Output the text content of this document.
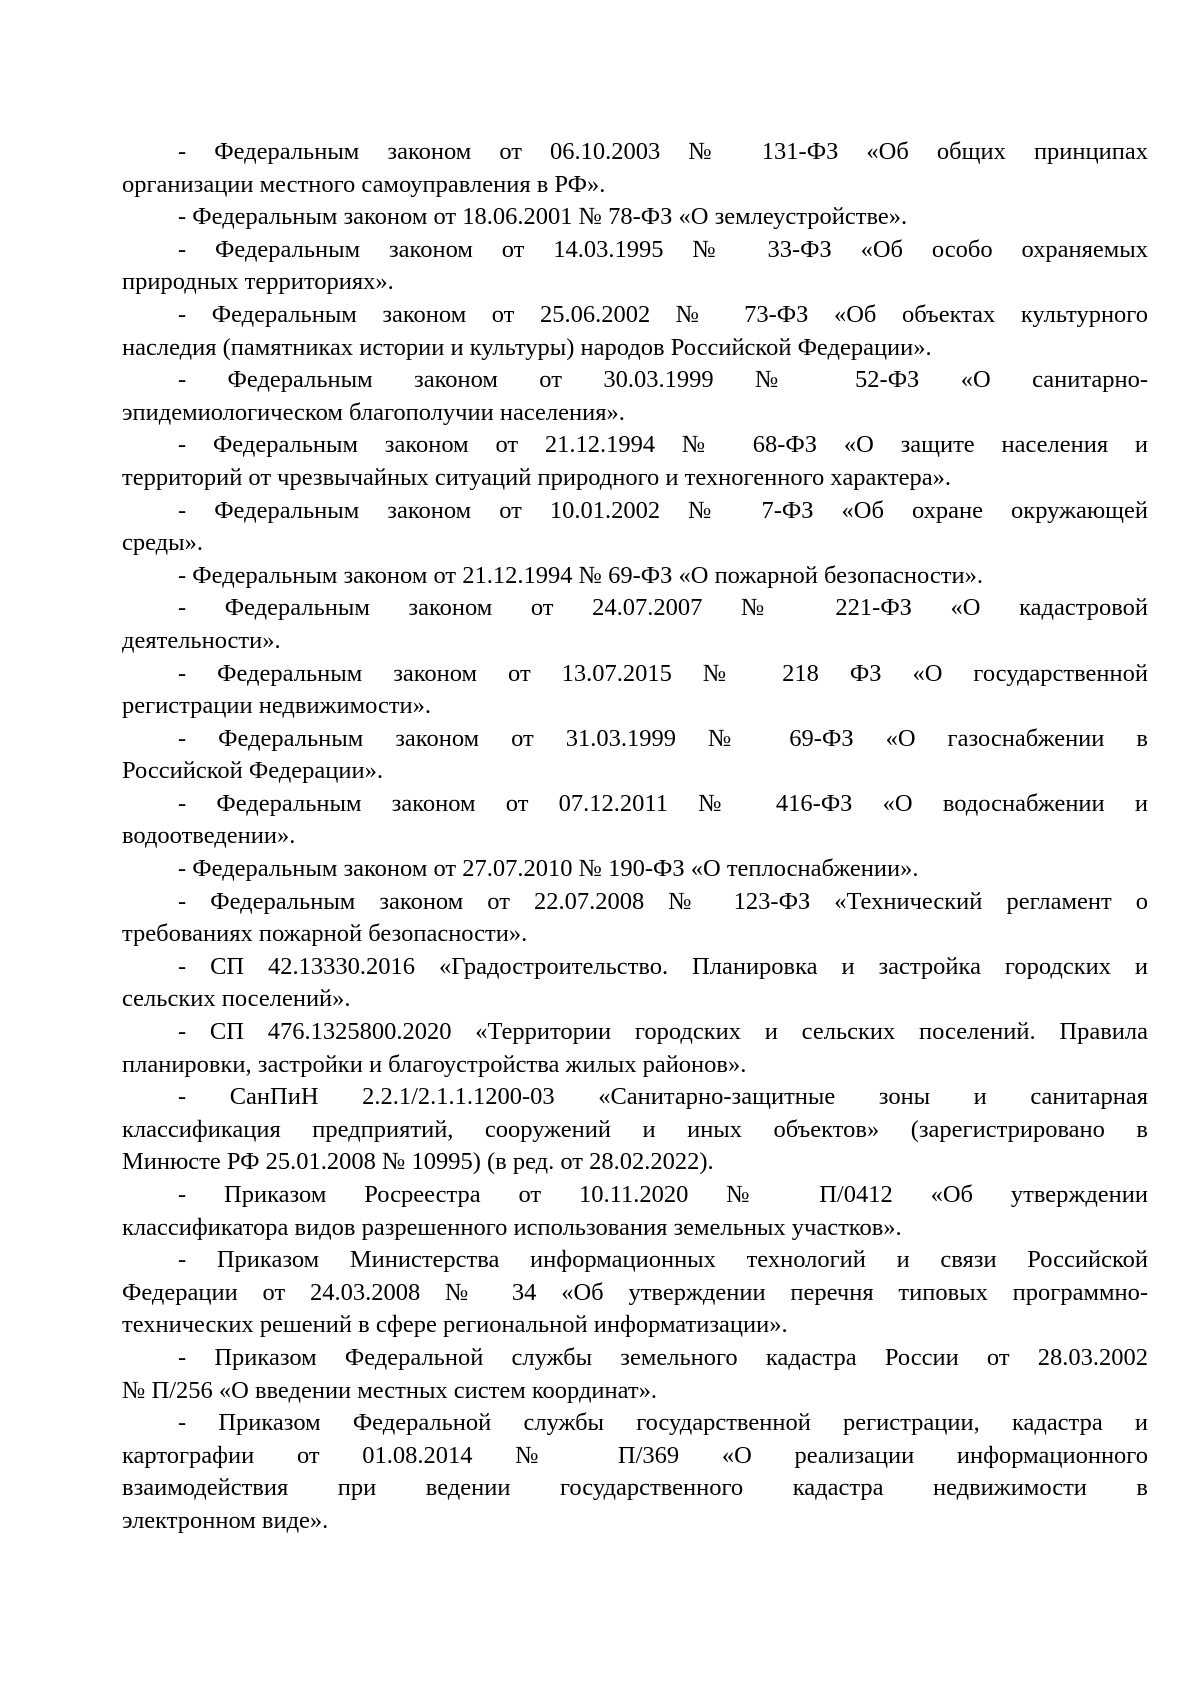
- Федеральным законом от 06.10.2003 № 131-ФЗ «Об общих принципах
организации местного самоуправления в РФ».
- Федеральным законом от 18.06.2001 № 78-ФЗ «О землеустройстве».
- Федеральным законом от 14.03.1995 № 33-ФЗ «Об особо охраняемых
природных территориях».
- Федеральным законом от 25.06.2002 № 73-ФЗ «Об объектах культурного
наследия (памятниках истории и культуры) народов Российской Федерации».
- Федеральным законом от 30.03.1999 № 52-ФЗ «О санитарно-
эпидемиологическом благополучии населения».
- Федеральным законом от 21.12.1994 № 68-ФЗ «О защите населения и
территорий от чрезвычайных ситуаций природного и техногенного характера».
- Федеральным законом от 10.01.2002 № 7-ФЗ «Об охране окружающей
среды».
- Федеральным законом от 21.12.1994 № 69-ФЗ «О пожарной безопасности».
- Федеральным законом от 24.07.2007 № 221-ФЗ «О кадастровой
деятельности».
- Федеральным законом от 13.07.2015 № 218 ФЗ «О государственной
регистрации недвижимости».
- Федеральным законом от 31.03.1999 № 69-ФЗ «О газоснабжении в
Российской Федерации».
- Федеральным законом от 07.12.2011 № 416-ФЗ «О водоснабжении и
водоотведении».
- Федеральным законом от 27.07.2010 № 190-ФЗ «О теплоснабжении».
- Федеральным законом от 22.07.2008 № 123-ФЗ «Технический регламент о
требованиях пожарной безопасности».
- СП 42.13330.2016 «Градостроительство. Планировка и застройка городских и
сельских поселений».
- СП 476.1325800.2020 «Территории городских и сельских поселений. Правила
планировки, застройки и благоустройства жилых районов».
- СанПиН 2.2.1/2.1.1.1200-03 «Санитарно-защитные зоны и санитарная
классификация предприятий, сооружений и иных объектов» (зарегистрировано в
Минюсте РФ 25.01.2008 № 10995) (в ред. от 28.02.2022).
- Приказом Росреестра от 10.11.2020 № П/0412 «Об утверждении
классификатора видов разрешенного использования земельных участков».
- Приказом Министерства информационных технологий и связи Российской
Федерации от 24.03.2008 № 34 «Об утверждении перечня типовых программно-
технических решений в сфере региональной информатизации».
- Приказом Федеральной службы земельного кадастра России от 28.03.2002
№ П/256 «О введении местных систем координат».
- Приказом Федеральной службы государственной регистрации, кадастра и
картографии от 01.08.2014 № П/369 «О реализации информационного
взаимодействия при ведении государственного кадастра недвижимости в
электронном виде».
